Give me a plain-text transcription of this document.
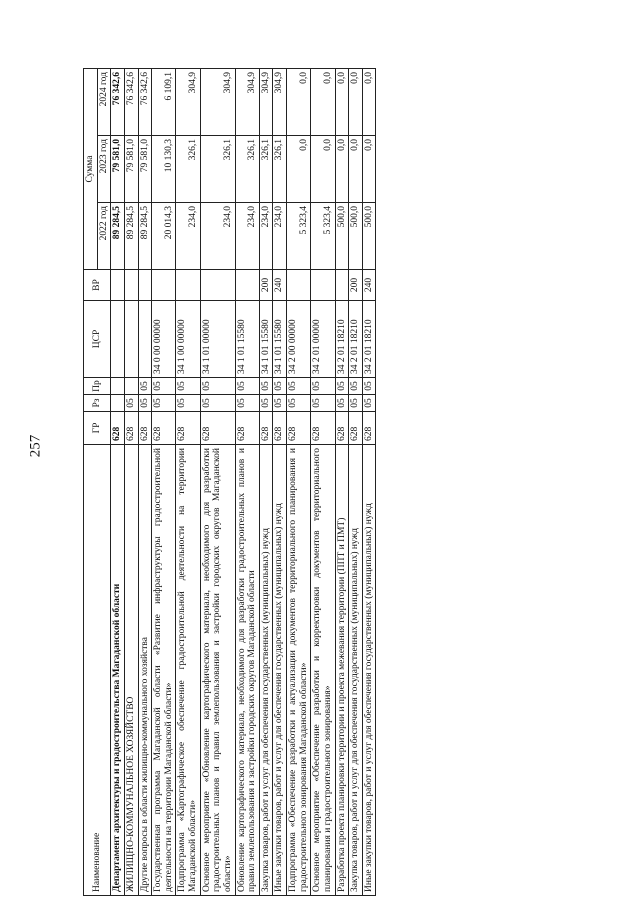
257
Наименование	ГР	Рз	Пр	ЦСР	ВР	Сумма		
						2022 год	2023 год	2024 год
Департамент архитектуры и градостроительства Магаданской области	628					89 284,5	79 581,0	76 342,6
ЖИЛИЩНО-КОММУНАЛЬНОЕ ХОЗЯЙСТВО	628	05				89 284,5	79 581,0	76 342,6
Другие вопросы в области жилищно-коммунального хозяйства	628	05	05			89 284,5	79 581,0	76 342,6
Государственная программа Магаданской области «Развитие инфраструктуры градостроительной деятельности на территории Магаданской области»	628	05	05	34 0 00 00000		20 014,3	10 130,3	6 109,1
Подпрограмма «Картографическое обеспечение градостроительной деятельности на территории Магаданской области»	628	05	05	34 1 00 00000		234,0	326,1	304,9
Основное мероприятие «Обновление картографического материала, необходимого для разработки градостроительных планов и правил землепользования и застройки городских округов Магаданской области»	628	05	05	34 1 01 00000		234,0	326,1	304,9
Обновление картографического материала, необходимого для разработки градостроительных планов и правил землепользования и застройки городских округов Магаданской области	628	05	05	34 1 01 15580		234,0	326,1	304,9
Закупка товаров, работ и услуг для обеспечения государственных (муниципальных) нужд	628	05	05	34 1 01 15580	200	234,0	326,1	304,9
Иные закупки товаров, работ и услуг для обеспечения государственных (муниципальных) нужд	628	05	05	34 1 01 15580	240	234,0	326,1	304,9
Подпрограмма «Обеспечение разработки и актуализации документов территориального планирования и градостроительного зонирования Магаданской области»	628	05	05	34 2 00 00000		5 323,4	0,0	0,0
Основное мероприятие «Обеспечение разработки и корректировки документов территориального планирования и градостроительного зонирования»	628	05	05	34 2 01 00000		5 323,4	0,0	0,0
Разработка проекта планировки территории и проекта межевания территории (ППТ и ПМТ)	628	05	05	34 2 01 18210		500,0	0,0	0,0
Закупка товаров, работ и услуг для обеспечения государственных (муниципальных) нужд	628	05	05	34 2 01 18210	200	500,0	0,0	0,0
Иные закупки товаров, работ и услуг для обеспечения государственных (муниципальных) нужд	628	05	05	34 2 01 18210	240	500,0	0,0	0,0
